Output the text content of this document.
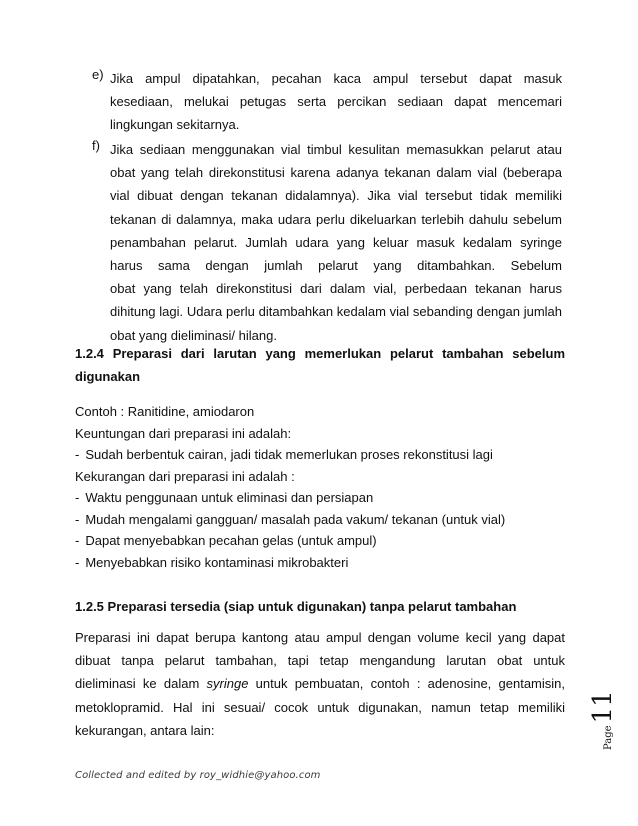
e) Jika ampul dipatahkan, pecahan kaca ampul tersebut dapat masuk
kesediaan, melukai petugas serta percikan sediaan dapat mencemari
lingkungan sekitarnya.
f) Jika sediaan menggunakan vial timbul kesulitan memasukkan pelarut atau
obat yang telah direkonstitusi karena adanya tekanan dalam vial (beberapa
vial dibuat dengan tekanan didalamnya). Jika vial tersebut tidak memiliki
tekanan di dalamnya, maka udara perlu dikeluarkan terlebih dahulu sebelum
penambahan pelarut. Jumlah udara yang keluar masuk kedalam syringe
harus sama dengan jumlah pelarut yang ditambahkan. Sebelum
obat yang telah direkonstitusi dari dalam vial, perbedaan tekanan harus
dihitung lagi. Udara perlu ditambahkan kedalam vial sebanding dengan jumlah
obat yang dieliminasi/ hilang.
1.2.4 Preparasi dari larutan yang memerlukan pelarut tambahan sebelum
digunakan
Contoh : Ranitidine, amiodaron
Keuntungan dari preparasi ini adalah:
- Sudah berbentuk cairan, jadi tidak memerlukan proses rekonstitusi lagi
Kekurangan dari preparasi ini adalah :
- Waktu penggunaan untuk eliminasi dan persiapan
- Mudah mengalami gangguan/ masalah pada vakum/ tekanan (untuk vial)
- Dapat menyebabkan pecahan gelas (untuk ampul)
- Menyebabkan risiko kontaminasi mikrobakteri
1.2.5 Preparasi tersedia (siap untuk digunakan) tanpa pelarut tambahan
Preparasi ini dapat berupa kantong atau ampul dengan volume kecil yang dapat
dibuat tanpa pelarut tambahan, tapi tetap mengandung larutan obat untuk
dieliminasi ke dalam syringe untuk pembuatan, contoh : adenosine, gentamisin,
metoklopramid. Hal ini sesuai/ cocok untuk digunakan, namun tetap memiliki
kekurangan, antara lain:	Page11
Collected and edited by roy_widhie@yahoo.com
